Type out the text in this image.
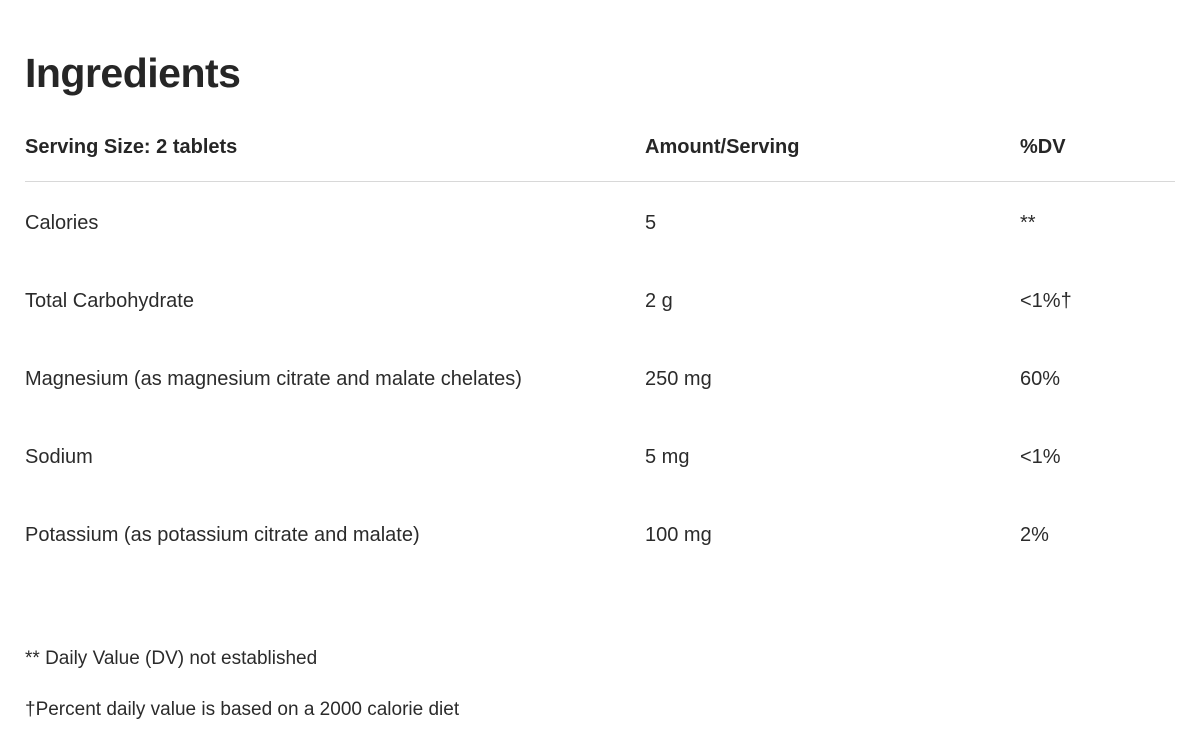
Ingredients
Serving Size: 2 tablets	Amount/Serving	%DV
Calories	5	**
Total Carbohydrate	2 g	<1%†
Magnesium (as magnesium citrate and malate chelates)	250 mg	60%
Sodium	5 mg	<1%
Potassium (as potassium citrate and malate)	100 mg	2%

** Daily Value (DV) not established

†Percent daily value is based on a 2000 calorie diet
